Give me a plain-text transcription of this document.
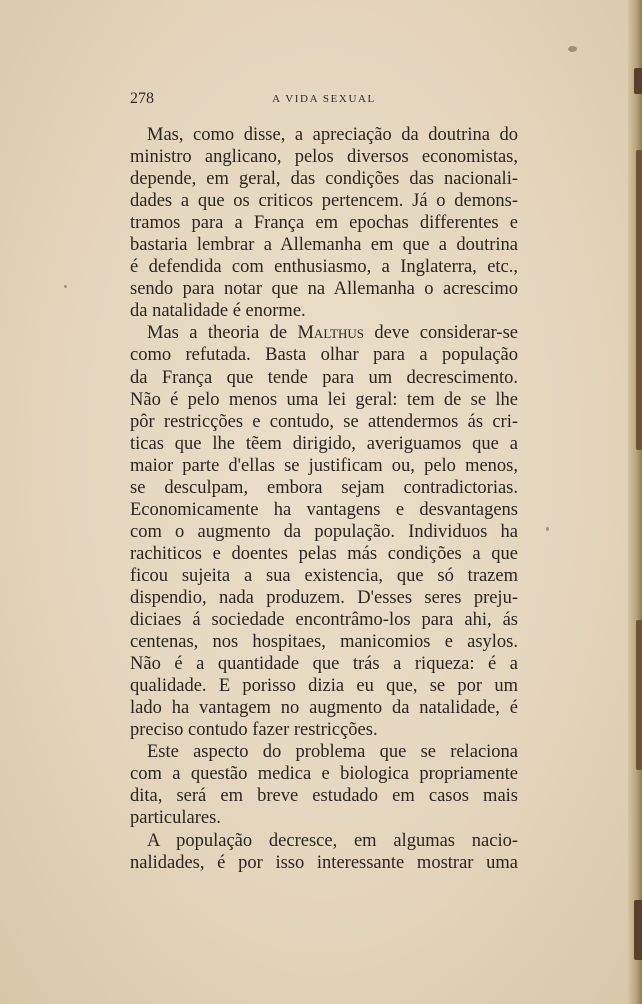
278	A VIDA SEXUAL

Mas, como disse, a apreciação da doutrina do

ministro anglicano, pelos diversos economistas,

depende, em geral, das condições das nacionali-

dades a que os criticos pertencem. Já o demons-

tramos para a França em epochas differentes e

bastaria lembrar a Allemanha em que a doutrina

é defendida com enthusiasmo, a Inglaterra, etc.,

sendo para notar que na Allemanha o acrescimo

da natalidade é enorme.

Mas a theoria de Malthus deve considerar-se

como refutada. Basta olhar para a população

da França que tende para um decrescimento.

Não é pelo menos uma lei geral: tem de se lhe

pôr restricções e contudo, se attendermos ás cri-

ticas que lhe tẽem dirigido, averiguamos que a

maior parte d'ellas se justificam ou, pelo menos,

se desculpam, embora sejam contradictorias.

Economicamente ha vantagens e desvantagens

com o augmento da população. Individuos ha

rachiticos e doentes pelas más condições a que

ficou sujeita a sua existencia, que só trazem

dispendio, nada produzem. D'esses seres preju-

diciaes á sociedade encontrâmo-los para ahi, ás

centenas, nos hospitaes, manicomios e asylos.

Não é a quantidade que trás a riqueza: é a

qualidade. E porisso dizia eu que, se por um

lado ha vantagem no augmento da natalidade, é

preciso contudo fazer restricções.

Este aspecto do problema que se relaciona

com a questão medica e biologica propriamente

dita, será em breve estudado em casos mais

particulares.

A população decresce, em algumas nacio-

nalidades, é por isso interessante mostrar uma
